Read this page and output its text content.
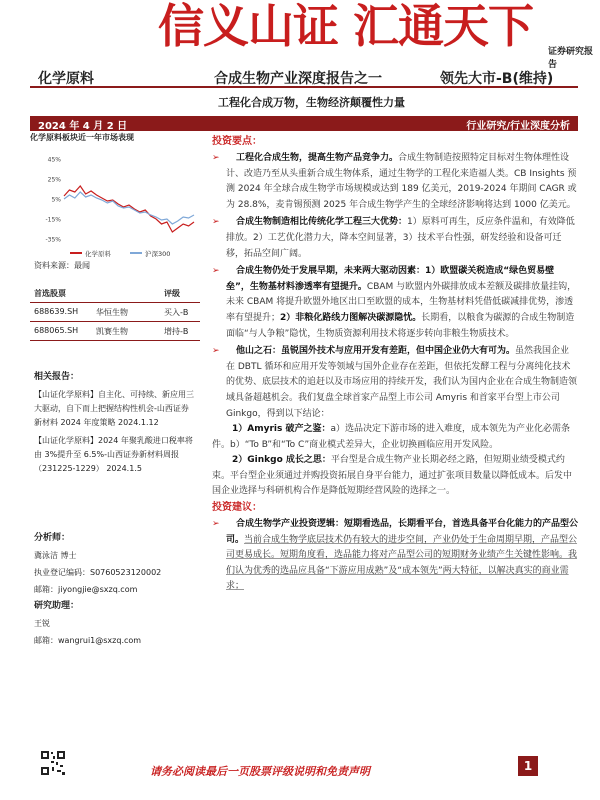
信义山证 汇通天下 证券研究报告
化学原料	合成生物产业深度报告之一	领先大市-B(维持)
工程化合成万物，生物经济颠覆性力量
2024 年 4 月 2 日	行业研究/行业深度分析
化学原料板块近一年市场表现
45%
25%
5%
-15%
-35%
化学原料	沪深300
资料来源：最闻
首选股票	评级
688639.SH 华恒生物	买入-B
688065.SH 凯赛生物	增持-B
相关报告：
【山证化学原料】自主化、可持续、新应用三大驱动，自下而上把握结构性机会-山西证券新材料 2024 年度策略 2024.1.12
【山证化学原料】2024 年聚乳酸进口税率将由 3%提升至 6.5%-山西证券新材料周报（231225-1229） 2024.1.5
分析师：
冀泳洁 博士
执业登记编码：S0760523120002
邮箱：jiyongjie@sxzq.com
研究助理：
王锐
邮箱：wangrui1@sxzq.com
投资要点：
➢ 工程化合成生物，提高生物产品竞争力。合成生物制造按照特定目标对生物体理性设计、改造乃至从头重新合成生物体系，通过生物学的工程化来造福人类。CB Insights 预测 2024 年全球合成生物学市场规模或达到 189 亿美元，2019-2024 年期间 CAGR 或为 28.8%，麦肯锡预测 2025 年合成生物学产生的全球经济影响将达到 1000 亿美元。
➢ 合成生物制造相比传统化学工程三大优势：1）原料可再生，反应条件温和，有效降低排放。2）工艺优化潜力大，降本空间显著，3）技术平台性强，研发经验和设备可迁移，拓品空间广阔。
➢ 合成生物仍处于发展早期，未来两大驱动因素：1）欧盟碳关税造成“绿色贸易壁垒”，生物基材料渗透率有望提升。CBAM 与欧盟内外碳排放成本差额及碳排放量挂钩，未来 CBAM 将提升欧盟外地区出口至欧盟的成本，生物基材料凭借低碳减排优势，渗透率有望提升；2）非粮化路线力图解决碳源隐忧。长期看，以粮食为碳源的合成生物制造面临“与人争粮”隐忧，生物质资源利用技术将逐步转向非粮生物质技术。
➢ 他山之石：虽锐国外技术与应用开发有差距，但中国企业仍大有可为。虽然我国企业在 DBTL 循环和应用开发等领域与国外企业存在差距，但依托发酵工程与分离纯化技术的优势、底层技术的追赶以及市场应用的持续开发，我们认为国内企业在合成生物制造领域具备超越机会。我们复盘全球首家产品型上市公司 Amyris 和首家平台型上市公司 Ginkgo，得到以下结论：
1）Amyris 破产之鉴：a）选品决定下游市场的进入难度，成本领先为产业化必需条件。b）“To B”和“To C”商业模式差异大，企业切换画临应用开发风险。
2）Ginkgo 成长之思：平台型是合成生物产业长期必经之路，但短期业绩受模式约束。平台型企业须通过并购投资拓展自身平台能力，通过扩张项目数量以降低成本。后发中国企业选择与科研机构合作是降低短期经营风险的选择之一。
投资建议：
➢ 合成生物学产业投资逻辑：短期看选品，长期看平台，首选具备平台化能力的产品型公司。当前合成生物学底层技术仍有较大的进步空间，产业仍处于生命周期早期，产品型公司更易成长。短期角度看，选品能力将对产品型公司的短期财务业绩产生关键性影响。我们认为优秀的选品应具备“下游应用成熟”及“成本领先”两大特征，以解决真实的商业需求；
请务必阅读最后一页股票评级说明和免责声明	1
